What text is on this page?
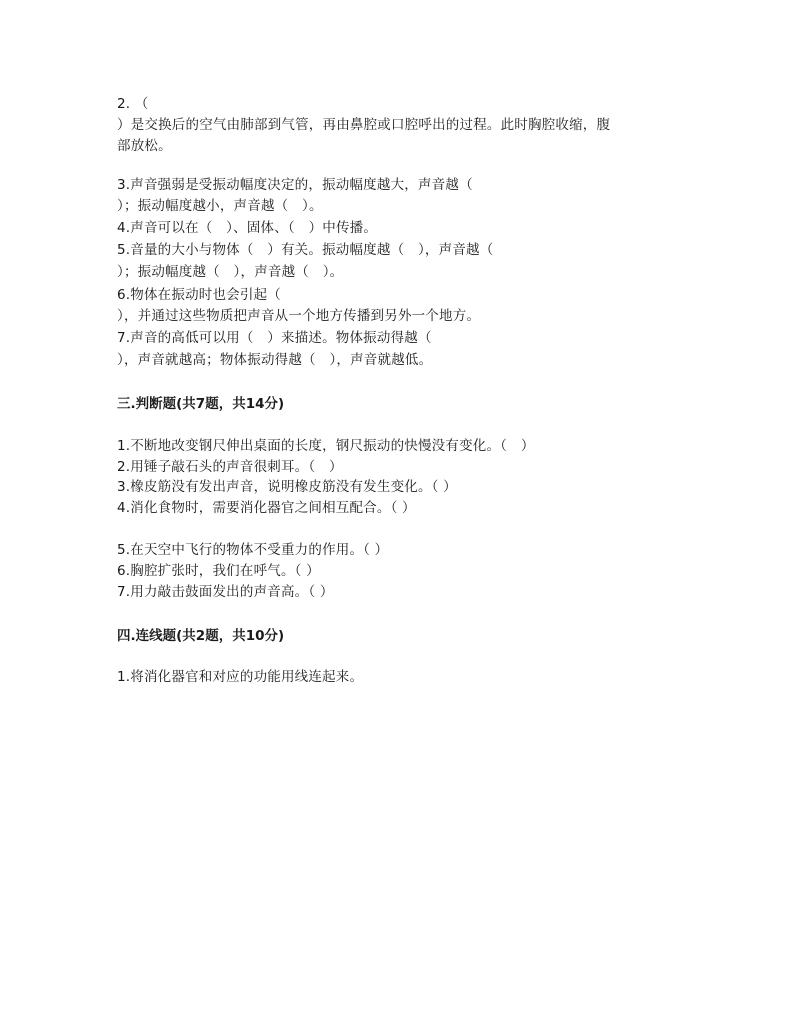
2. （
）是交换后的空气由肺部到气管，再由鼻腔或口腔呼出的过程。此时胸腔收缩，腹
部放松。
3.声音强弱是受振动幅度决定的，振动幅度越大，声音越（
）；振动幅度越小，声音越（　）。
4.声音可以在（　）、固体、（　）中传播。
5.音量的大小与物体（　）有关。振动幅度越（　），声音越（
）；振动幅度越（　），声音越（　）。
6.物体在振动时也会引起（
），并通过这些物质把声音从一个地方传播到另外一个地方。
7.声音的高低可以用（　）来描述。物体振动得越（
），声音就越高；物体振动得越（　），声音就越低。
三.判断题(共7题，共14分)
1.不断地改变钢尺伸出桌面的长度，钢尺振动的快慢没有变化。（　）
2.用锤子敲石头的声音很刺耳。（　）
3.橡皮筋没有发出声音，说明橡皮筋没有发生变化。（ ）
4.消化食物时，需要消化器官之间相互配合。（ ）
5.在天空中飞行的物体不受重力的作用。（ ）
6.胸腔扩张时，我们在呼气。（ ）
7.用力敲击鼓面发出的声音高。（ ）
四.连线题(共2题，共10分)
1.将消化器官和对应的功能用线连起来。
